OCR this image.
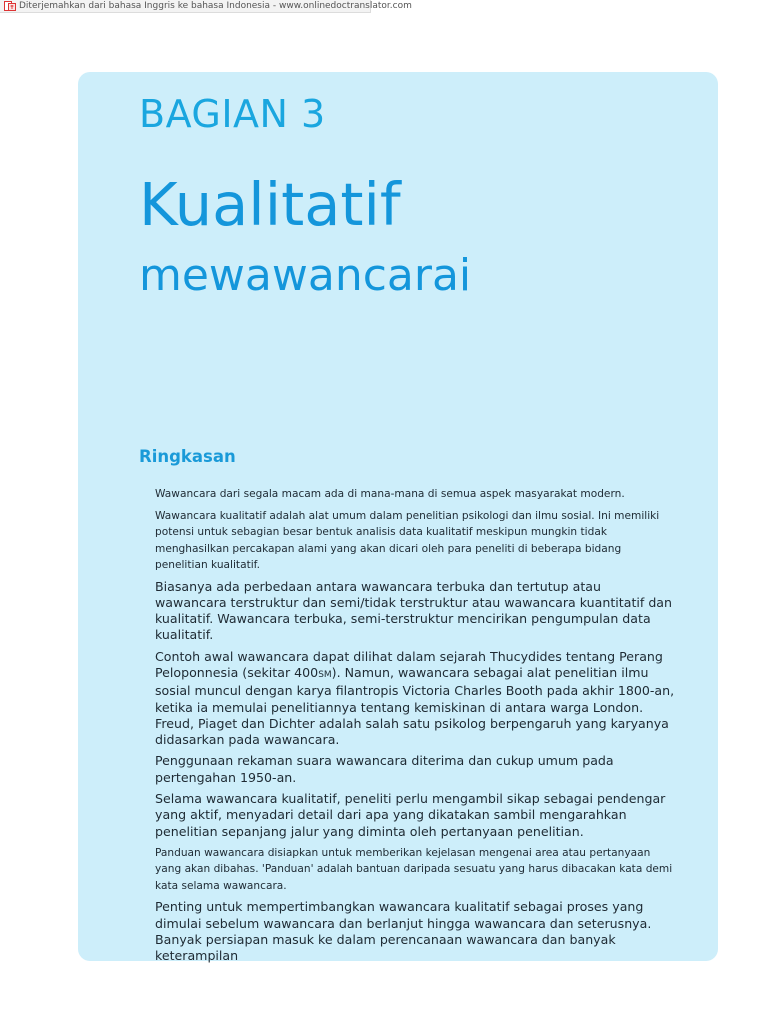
Diterjemahkan dari bahasa Inggris ke bahasa Indonesia - www.onlinedoctranslator.com
BAGIAN 3
Kualitatif
mewawancarai
Ringkasan

Wawancara dari segala macam ada di mana-mana di semua aspek masyarakat modern.

Wawancara kualitatif adalah alat umum dalam penelitian psikologi dan ilmu sosial. Ini memiliki potensi untuk sebagian besar bentuk analisis data kualitatif meskipun mungkin tidak menghasilkan percakapan alami yang akan dicari oleh para peneliti di beberapa bidang penelitian kualitatif.

Biasanya ada perbedaan antara wawancara terbuka dan tertutup atau wawancara terstruktur dan semi/tidak terstruktur atau wawancara kuantitatif dan kualitatif. Wawancara terbuka, semi-terstruktur mencirikan pengumpulan data kualitatif.

Contoh awal wawancara dapat dilihat dalam sejarah Thucydides tentang Perang Peloponnesia (sekitar 400SM). Namun, wawancara sebagai alat penelitian ilmu sosial muncul dengan karya filantropis Victoria Charles Booth pada akhir 1800-an, ketika ia memulai penelitiannya tentang kemiskinan di antara warga London. Freud, Piaget dan Dichter adalah salah satu psikolog berpengaruh yang karyanya didasarkan pada wawancara.

Penggunaan rekaman suara wawancara diterima dan cukup umum pada pertengahan 1950-an.

Selama wawancara kualitatif, peneliti perlu mengambil sikap sebagai pendengar yang aktif, menyadari detail dari apa yang dikatakan sambil mengarahkan penelitian sepanjang jalur yang diminta oleh pertanyaan penelitian.

Panduan wawancara disiapkan untuk memberikan kejelasan mengenai area atau pertanyaan yang akan dibahas. 'Panduan' adalah bantuan daripada sesuatu yang harus dibacakan kata demi kata selama wawancara.

Penting untuk mempertimbangkan wawancara kualitatif sebagai proses yang dimulai sebelum wawancara dan berlanjut hingga wawancara dan seterusnya. Banyak persiapan masuk ke dalam perencanaan wawancara dan banyak keterampilan
